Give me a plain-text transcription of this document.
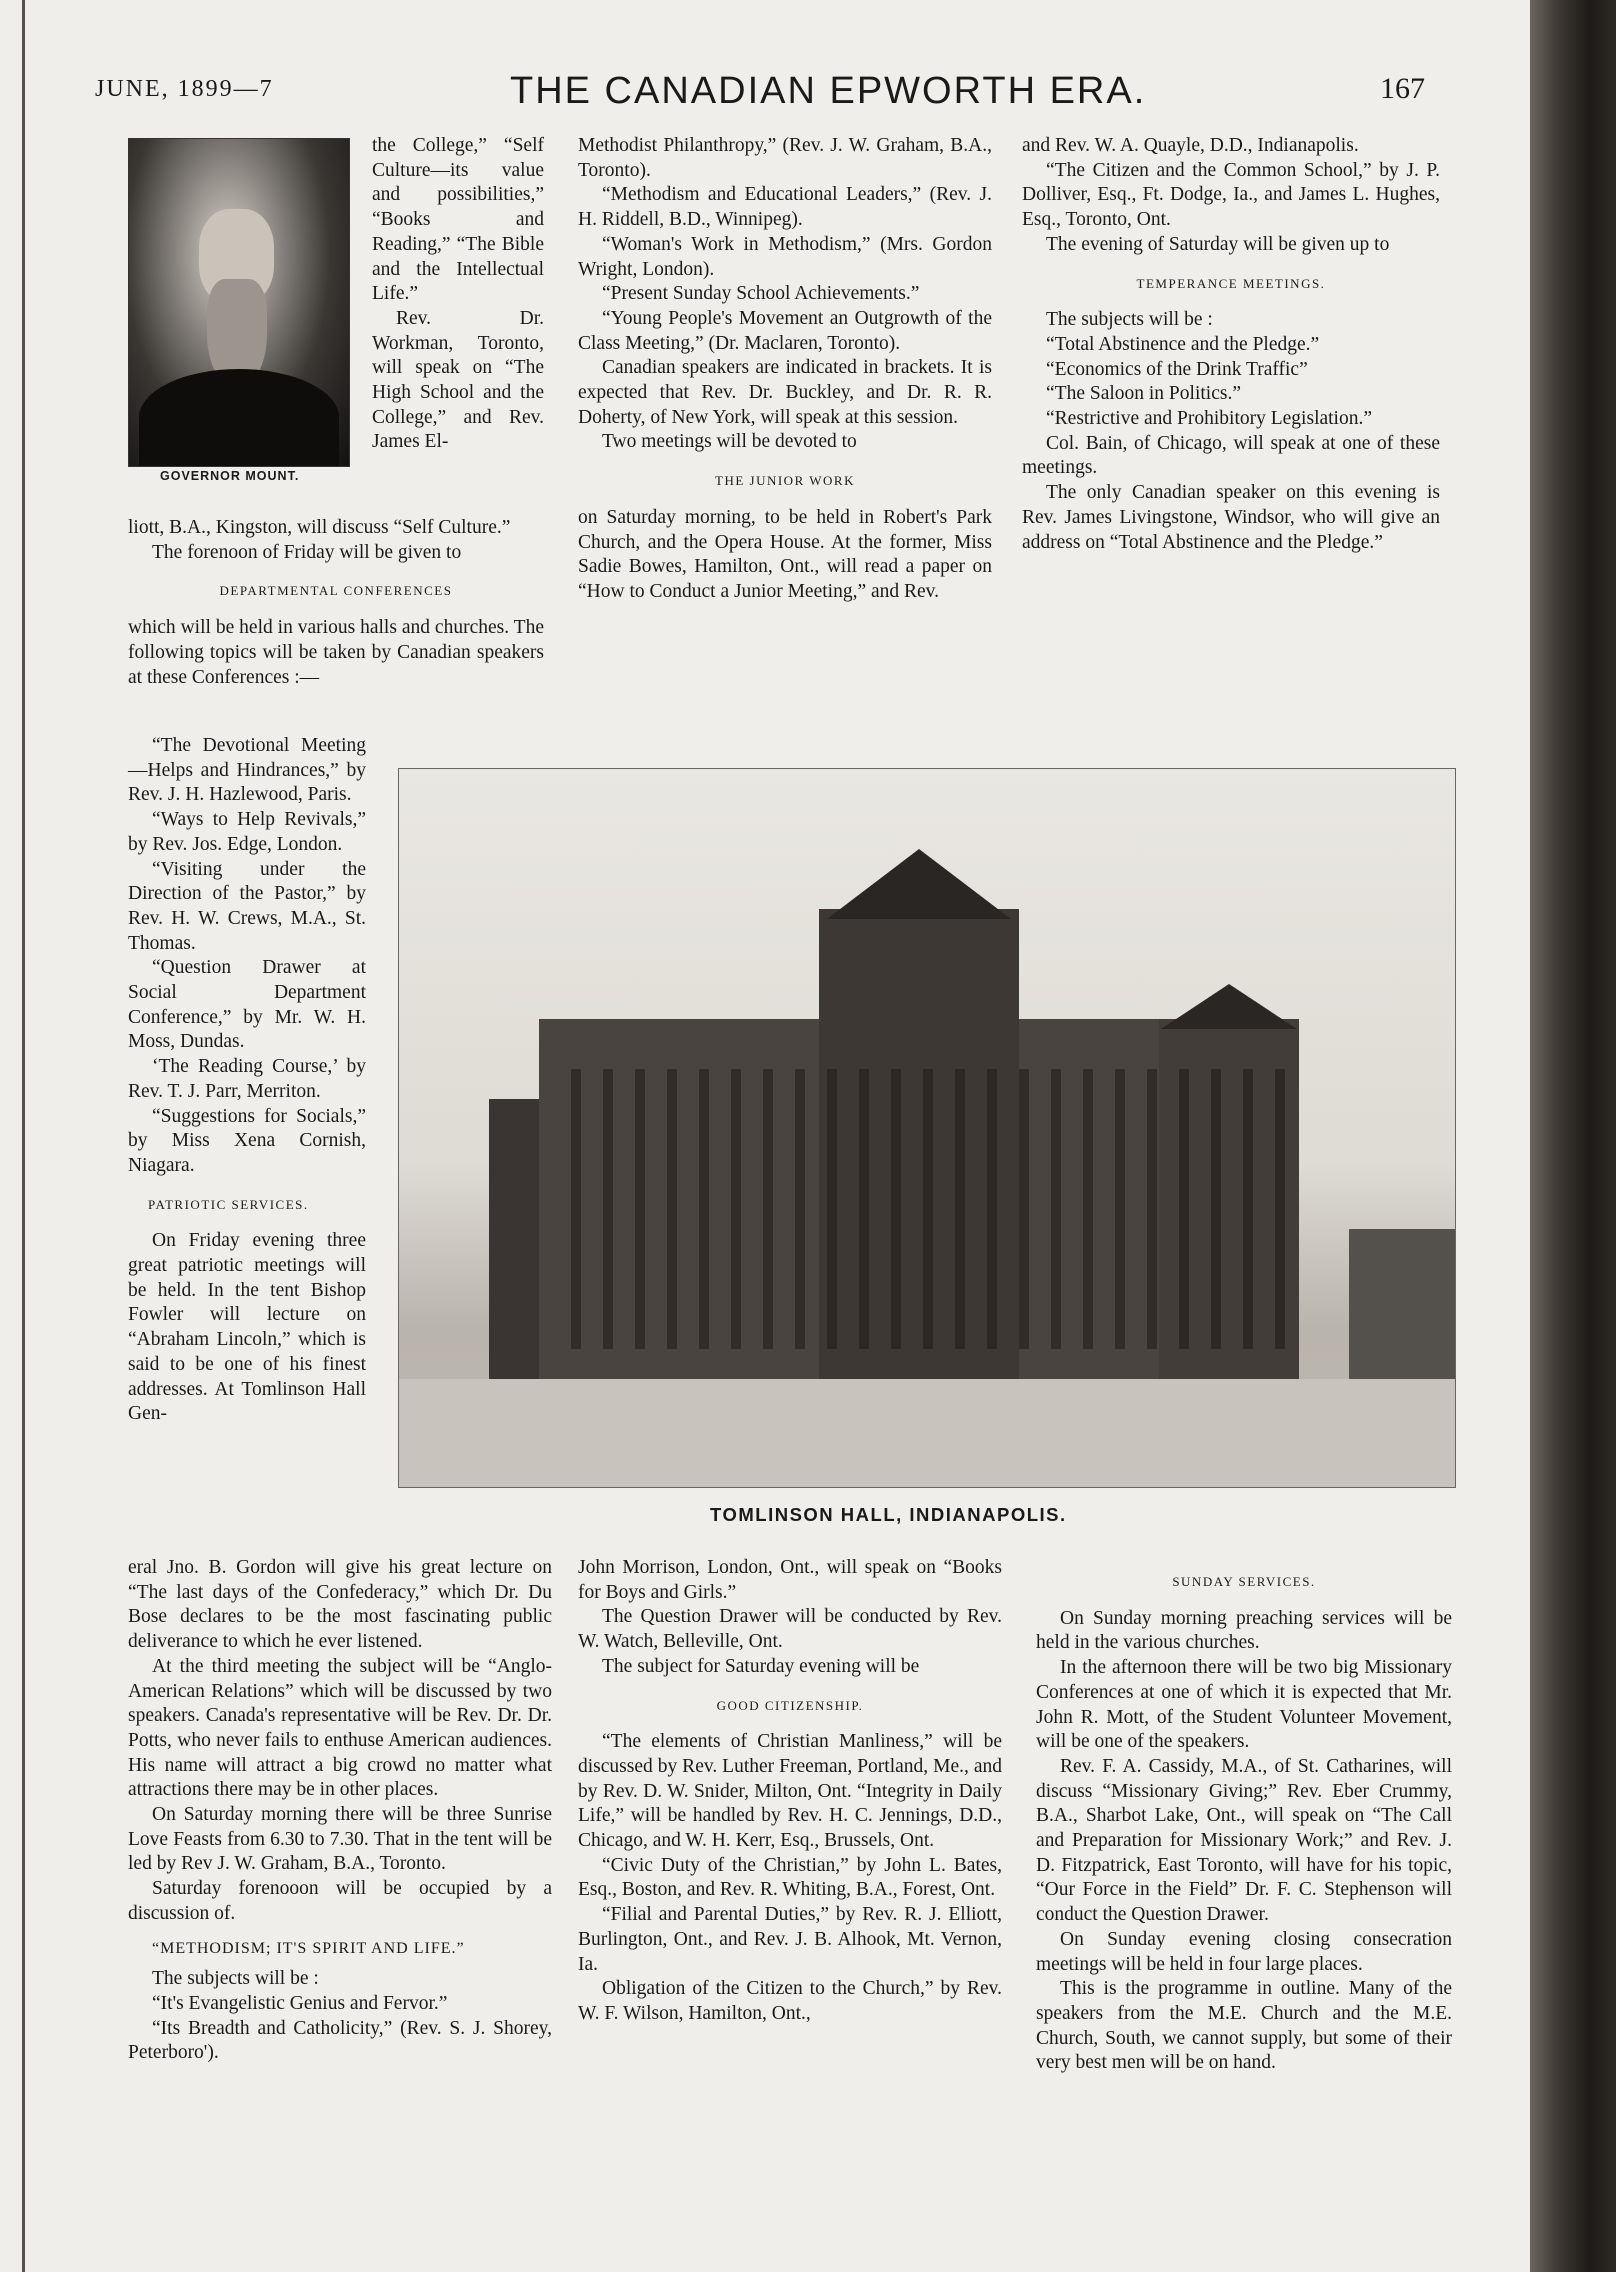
JUNE, 1899—7	THE CANADIAN EPWORTH ERA.	167
GOVERNOR MOUNT.

the College,” “Self Culture—its value and possibilities,” “Books and Reading,” “The Bible and the Intellectual Life.”

Rev. Dr. Workman, Toronto, will speak on “The High School and the College,” and Rev. James El-

liott, B.A., Kingston, will discuss “Self Culture.”

The forenoon of Friday will be given to

DEPARTMENTAL CONFERENCES

which will be held in various halls and churches. The following topics will be taken by Canadian speakers at these Conferences :—

“The Devotional Meeting—Helps and Hindrances,” by Rev. J. H. Hazlewood, Paris.

“Ways to Help Revivals,” by Rev. Jos. Edge, London.

“Visiting under the Direction of the Pastor,” by Rev. H. W. Crews, M.A., St. Thomas.

“Question Drawer at Social Department Conference,” by Mr. W. H. Moss, Dundas.

‘The Reading Course,’ by Rev. T. J. Parr, Merriton.

“Suggestions for Socials,” by Miss Xena Cornish, Niagara.

PATRIOTIC SERVICES.

On Friday evening three great patriotic meetings will be held. In the tent Bishop Fowler will lecture on “Abraham Lincoln,” which is said to be one of his finest addresses. At Tomlinson Hall Gen-

eral Jno. B. Gordon will give his great lecture on “The last days of the Confederacy,” which Dr. Du Bose declares to be the most fascinating public deliverance to which he ever listened.

At the third meeting the subject will be “Anglo-American Relations” which will be discussed by two speakers. Canada's representative will be Rev. Dr. Dr. Potts, who never fails to enthuse American audiences. His name will attract a big crowd no matter what attractions there may be in other places.

On Saturday morning there will be three Sunrise Love Feasts from 6.30 to 7.30. That in the tent will be led by Rev J. W. Graham, B.A., Toronto.

Saturday forenooon will be occupied by a discussion of.

“METHODISM; IT'S SPIRIT AND LIFE.”

The subjects will be :

“It's Evangelistic Genius and Fervor.”

“Its Breadth and Catholicity,” (Rev. S. J. Shorey, Peterboro').

Methodist Philanthropy,” (Rev. J. W. Graham, B.A., Toronto).

“Methodism and Educational Leaders,” (Rev. J. H. Riddell, B.D., Winnipeg).

“Woman's Work in Methodism,” (Mrs. Gordon Wright, London).

“Present Sunday School Achievements.”

“Young People's Movement an Outgrowth of the Class Meeting,” (Dr. Maclaren, Toronto).

Canadian speakers are indicated in brackets. It is expected that Rev. Dr. Buckley, and Dr. R. R. Doherty, of New York, will speak at this session.

Two meetings will be devoted to

THE JUNIOR WORK

on Saturday morning, to be held in Robert's Park Church, and the Opera House. At the former, Miss Sadie Bowes, Hamilton, Ont., will read a paper on “How to Conduct a Junior Meeting,” and Rev.

and Rev. W. A. Quayle, D.D., Indianapolis.

“The Citizen and the Common School,” by J. P. Dolliver, Esq., Ft. Dodge, Ia., and James L. Hughes, Esq., Toronto, Ont.

The evening of Saturday will be given up to

TEMPERANCE MEETINGS.

The subjects will be :

“Total Abstinence and the Pledge.”

“Economics of the Drink Traffic”

“The Saloon in Politics.”

“Restrictive and Prohibitory Legislation.”

Col. Bain, of Chicago, will speak at one of these meetings.

The only Canadian speaker on this evening is Rev. James Livingstone, Windsor, who will give an address on “Total Abstinence and the Pledge.”

TOMLINSON HALL, INDIANAPOLIS.

John Morrison, London, Ont., will speak on “Books for Boys and Girls.”

The Question Drawer will be conducted by Rev. W. Watch, Belleville, Ont.

The subject for Saturday evening will be

GOOD CITIZENSHIP.

“The elements of Christian Manliness,” will be discussed by Rev. Luther Freeman, Portland, Me., and by Rev. D. W. Snider, Milton, Ont. “Integrity in Daily Life,” will be handled by Rev. H. C. Jennings, D.D., Chicago, and W. H. Kerr, Esq., Brussels, Ont.

“Civic Duty of the Christian,” by John L. Bates, Esq., Boston, and Rev. R. Whiting, B.A., Forest, Ont.

“Filial and Parental Duties,” by Rev. R. J. Elliott, Burlington, Ont., and Rev. J. B. Alhook, Mt. Vernon, Ia.

Obligation of the Citizen to the Church,” by Rev. W. F. Wilson, Hamilton, Ont.,

SUNDAY SERVICES.

On Sunday morning preaching services will be held in the various churches.

In the afternoon there will be two big Missionary Conferences at one of which it is expected that Mr. John R. Mott, of the Student Volunteer Movement, will be one of the speakers.

Rev. F. A. Cassidy, M.A., of St. Catharines, will discuss “Missionary Giving;” Rev. Eber Crummy, B.A., Sharbot Lake, Ont., will speak on “The Call and Preparation for Missionary Work;” and Rev. J. D. Fitzpatrick, East Toronto, will have for his topic, “Our Force in the Field” Dr. F. C. Stephenson will conduct the Question Drawer.

On Sunday evening closing consecration meetings will be held in four large places.

This is the programme in outline. Many of the speakers from the M.E. Church and the M.E. Church, South, we cannot supply, but some of their very best men will be on hand.
